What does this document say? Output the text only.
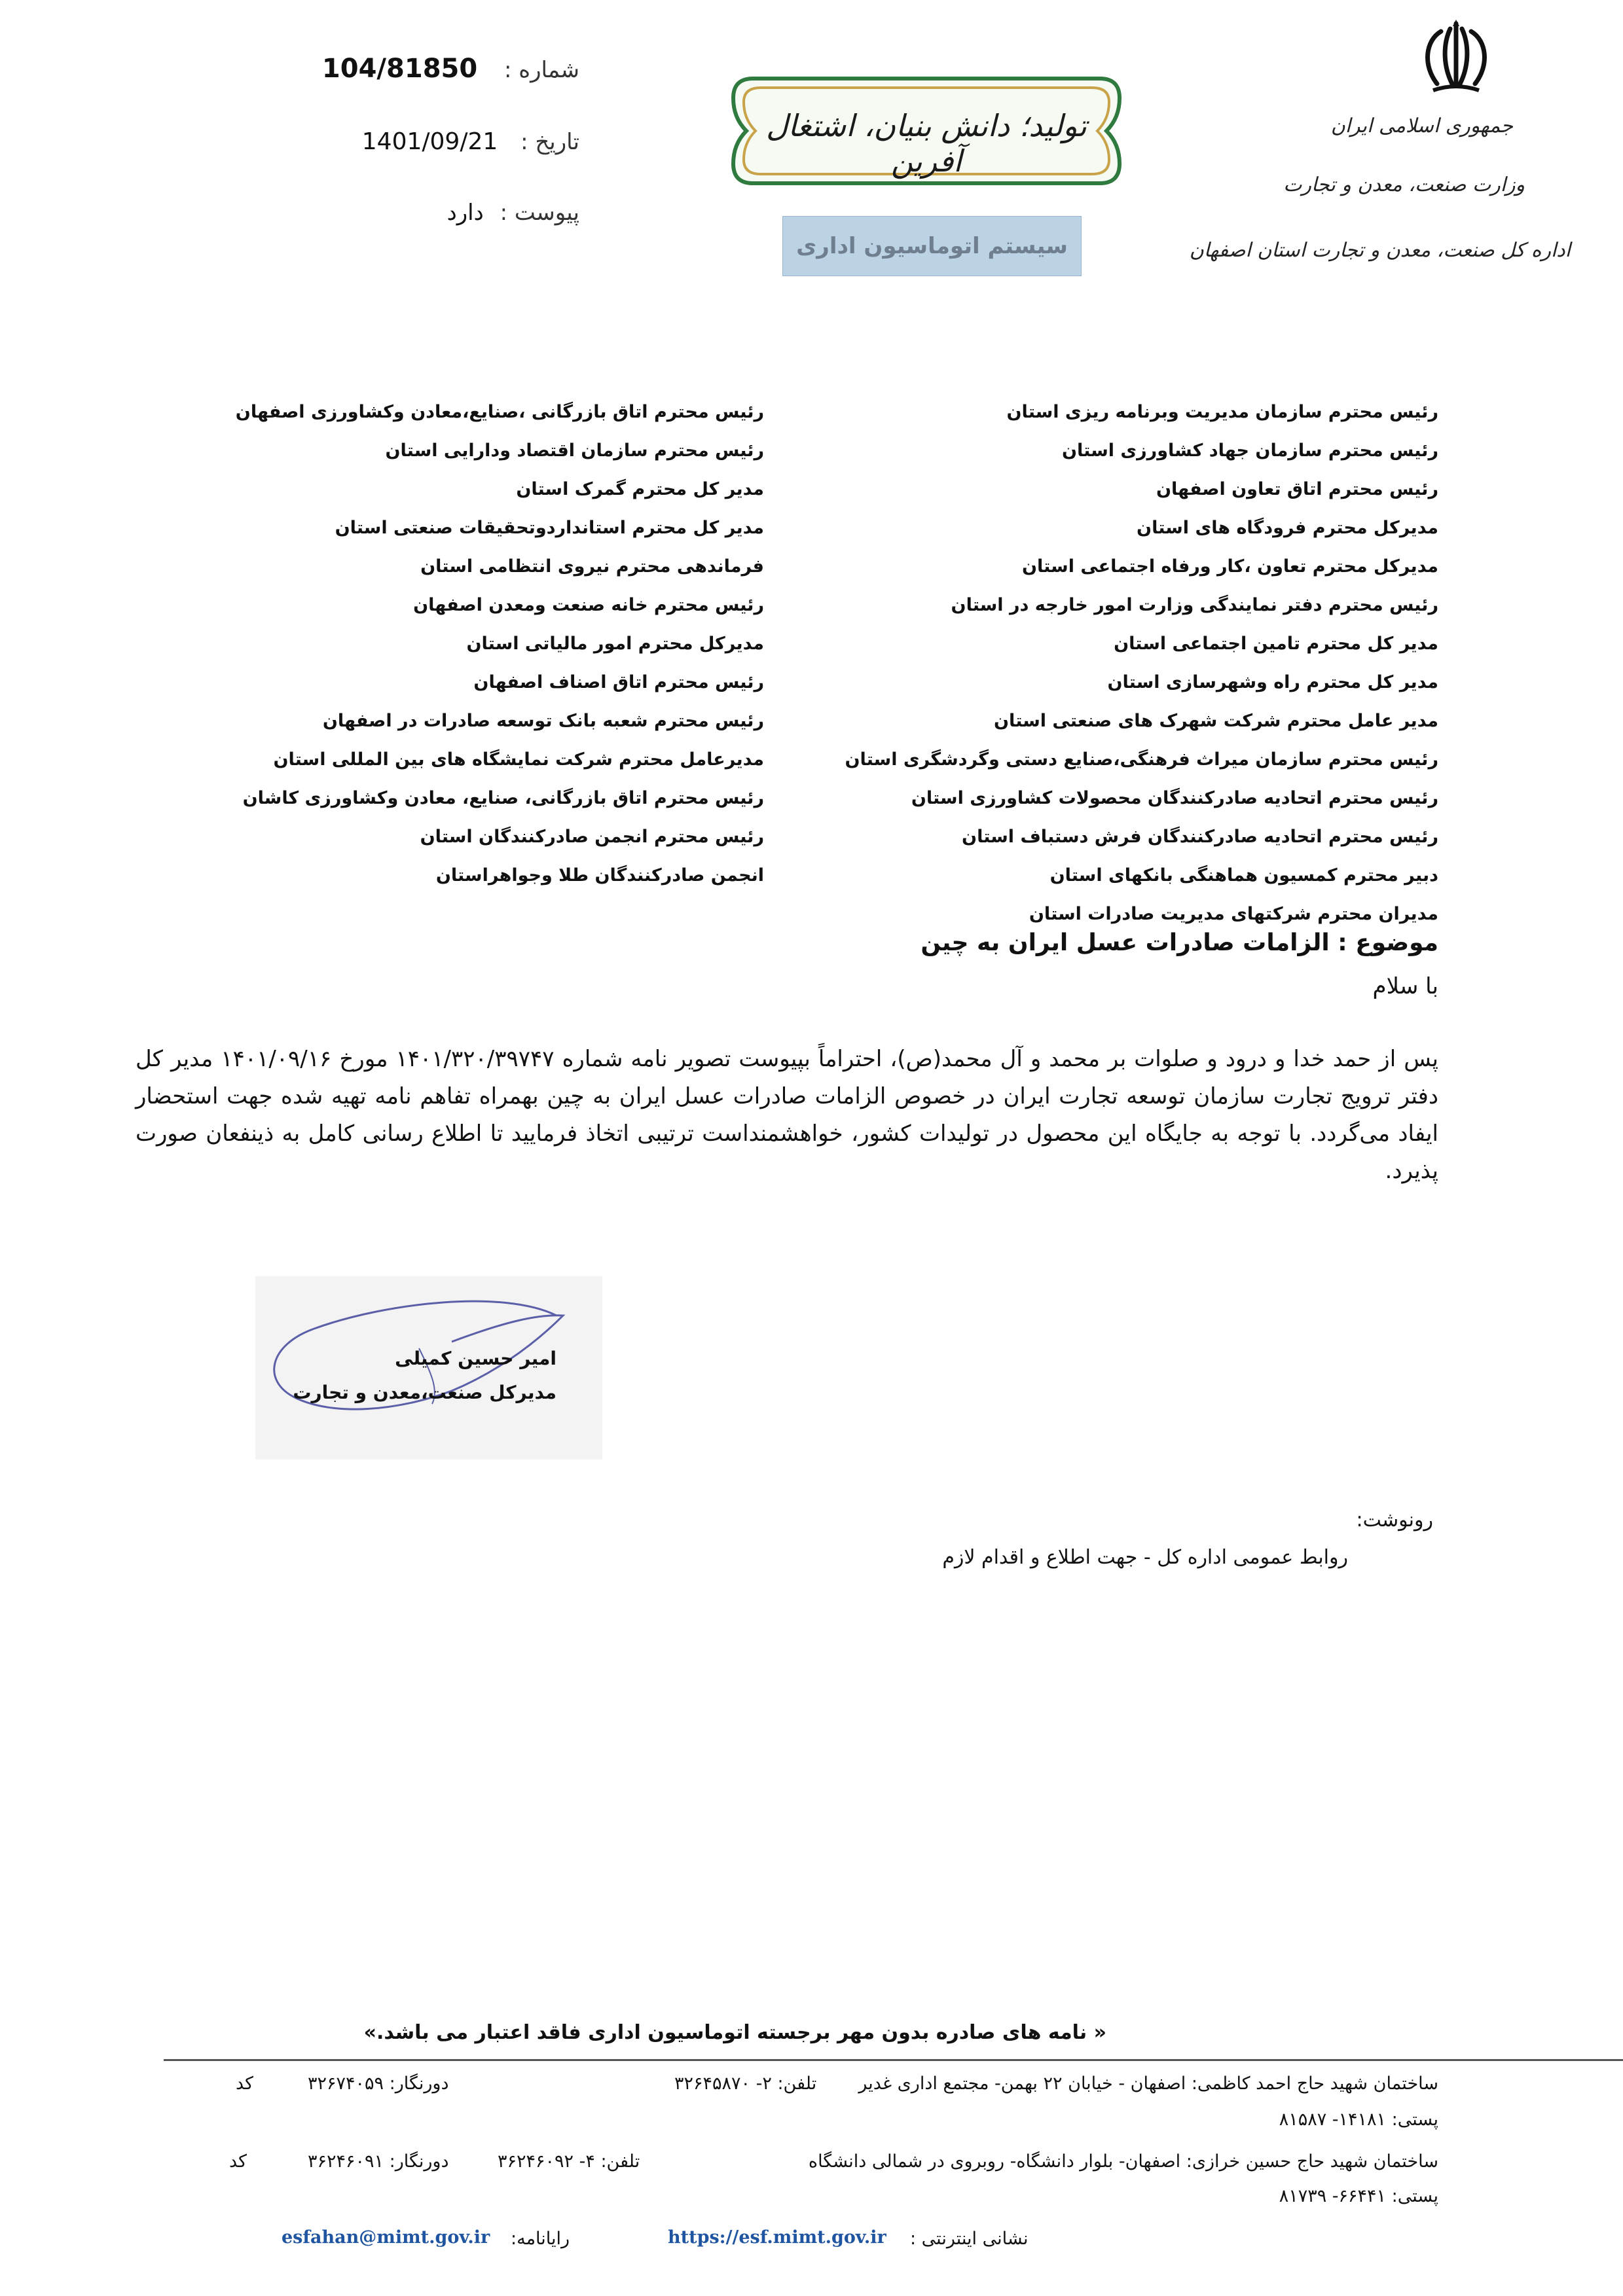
جمهوری اسلامی ایران
وزارت صنعت، معدن و تجارت
اداره کل صنعت، معدن و تجارت استان اصفهان
شماره : 104/81850
تاریخ : 1401/09/21
پیوست : دارد
تولید؛ دانش بنیان، اشتغال آفرین
سیستم اتوماسیون اداری
رئیس محترم سازمان مدیریت وبرنامه ریزی استان
رئیس محترم سازمان جهاد کشاورزی استان
رئیس محترم اتاق تعاون اصفهان
مدیرکل محترم فرودگاه های استان
مدیرکل محترم تعاون ،کار ورفاه اجتماعی استان
رئیس محترم دفتر نمایندگی وزارت امور خارجه در استان
مدیر کل محترم تامین اجتماعی استان
مدیر کل محترم راه وشهرسازی استان
مدیر عامل محترم شرکت شهرک های صنعتی استان
رئیس محترم سازمان میراث فرهنگی،صنایع دستی وگردشگری استان
رئیس محترم اتحادیه صادرکنندگان محصولات کشاورزی استان
رئیس محترم اتحادیه صادرکنندگان فرش دستباف استان
دبیر محترم کمسیون هماهنگی بانکهای استان
مدیران محترم شرکتهای مدیریت صادرات استان
رئیس محترم اتاق بازرگانی ،صنایع،معادن وکشاورزی اصفهان
رئیس محترم سازمان اقتصاد ودارایی استان
مدیر کل محترم گمرک استان
مدیر کل محترم استانداردوتحقیقات صنعتی استان
فرماندهی محترم نیروی انتظامی استان
رئیس محترم خانه صنعت ومعدن اصفهان
مدیرکل محترم امور مالیاتی استان
رئیس محترم اتاق اصناف اصفهان
رئیس محترم شعبه بانک توسعه صادرات در اصفهان
مدیرعامل محترم شرکت نمایشگاه های بین المللی استان
رئیس محترم اتاق بازرگانی، صنایع، معادن وکشاورزی کاشان
رئیس محترم انجمن صادرکنندگان استان
انجمن صادرکنندگان طلا وجواهراستان
موضوع : الزامات صادرات عسل ایران به چین
با سلام
پس از حمد خدا و درود و صلوات بر محمد و آل محمد(ص)، احتراماً بپیوست تصویر نامه شماره ۱۴۰۱/۳۲۰/۳۹۷۴۷ مورخ ۱۴۰۱/۰۹/۱۶ مدیر کل دفتر ترویج تجارت سازمان توسعه تجارت ایران در خصوص الزامات صادرات عسل ایران به چین بهمراه تفاهم نامه تهیه شده جهت استحضار ایفاد می‌گردد. با توجه به جایگاه این محصول در تولیدات کشور، خواهشمنداست ترتیبی اتخاذ فرمایید تا اطلاع رسانی کامل به ذینفعان صورت پذیرد.
امیر حسین کمیلی
مدیرکل صنعت،معدن و تجارت
رونوشت:
روابط عمومی اداره کل - جهت اطلاع و اقدام لازم
« نامه های صادره بدون مهر برجسته اتوماسیون اداری فاقد اعتبار می باشد.»
ساختمان شهید حاج احمد کاظمی: اصفهان - خیابان ۲۲ بهمن- مجتمع اداری غدیر
تلفن: ۲- ۳۲۶۴۵۸۷۰
دورنگار: ۳۲۶۷۴۰۵۹
کد
پستی: ۱۴۱۸۱- ۸۱۵۸۷
ساختمان شهید حاج حسین خرازی: اصفهان- بلوار دانشگاه- روبروی در شمالی دانشگاه
تلفن: ۴- ۳۶۲۴۶۰۹۲
دورنگار: ۳۶۲۴۶۰۹۱
کد
پستی: ۶۶۴۴۱- ۸۱۷۳۹
نشانی اینترنتی :
https://esf.mimt.gov.ir
رایانامه:
esfahan@mimt.gov.ir
